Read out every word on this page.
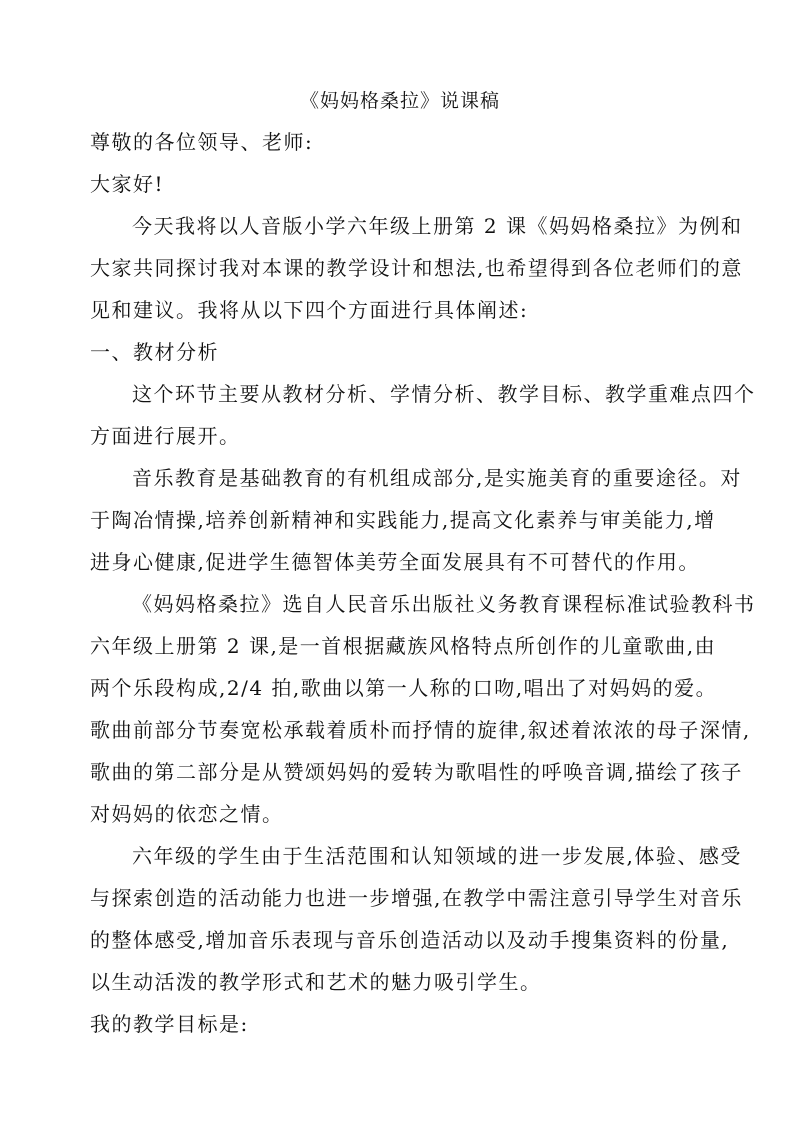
《妈妈格桑拉》说课稿
尊敬的各位领导、老师:
大家好!
今天我将以人音版小学六年级上册第 2 课《妈妈格桑拉》为例和
大家共同探讨我对本课的教学设计和想法,也希望得到各位老师们的意
见和建议。我将从以下四个方面进行具体阐述:
一、教材分析
这个环节主要从教材分析、学情分析、教学目标、教学重难点四个
方面进行展开。
音乐教育是基础教育的有机组成部分,是实施美育的重要途径。对
于陶冶情操,培养创新精神和实践能力,提高文化素养与审美能力,增
进身心健康,促进学生德智体美劳全面发展具有不可替代的作用。
《妈妈格桑拉》选自人民音乐出版社义务教育课程标准试验教科书
六年级上册第 2 课,是一首根据藏族风格特点所创作的儿童歌曲,由
两个乐段构成,2/4 拍,歌曲以第一人称的口吻,唱出了对妈妈的爱。
歌曲前部分节奏宽松承载着质朴而抒情的旋律,叙述着浓浓的母子深情,
歌曲的第二部分是从赞颂妈妈的爱转为歌唱性的呼唤音调,描绘了孩子
对妈妈的依恋之情。
六年级的学生由于生活范围和认知领域的进一步发展,体验、感受
与探索创造的活动能力也进一步增强,在教学中需注意引导学生对音乐
的整体感受,增加音乐表现与音乐创造活动以及动手搜集资料的份量,
以生动活泼的教学形式和艺术的魅力吸引学生。
我的教学目标是:
